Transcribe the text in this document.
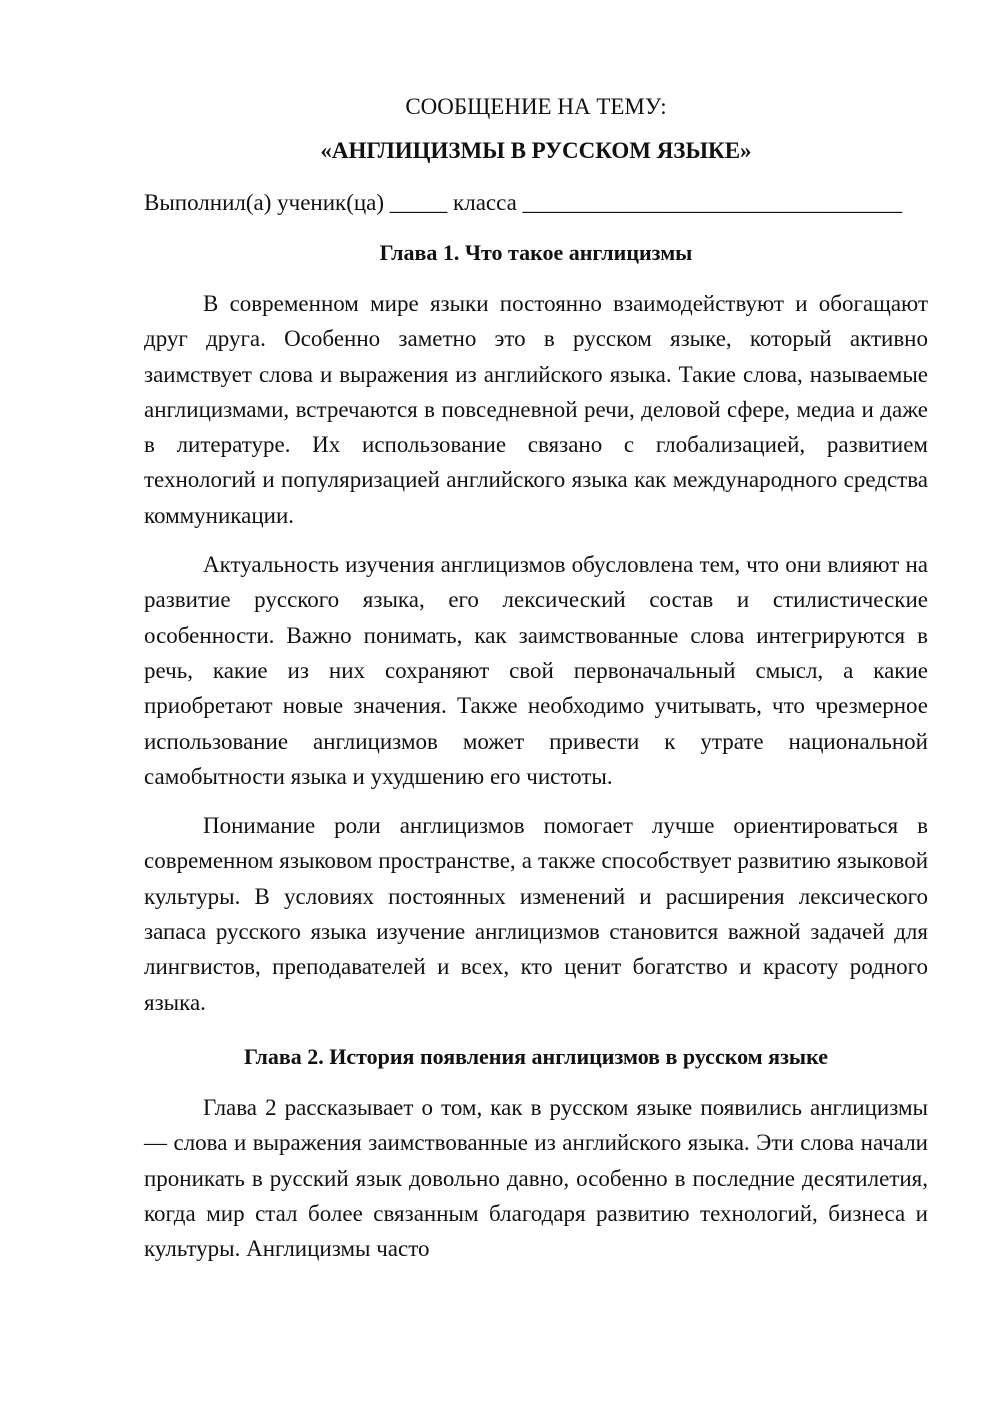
СООБЩЕНИЕ НА ТЕМУ:

«АНГЛИЦИЗМЫ В РУССКОМ ЯЗЫКЕ»

Выполнил(а) ученик(ца) _____ класса _________________________________

Глава 1. Что такое англицизмы

В современном мире языки постоянно взаимодействуют и обогащают друг друга. Особенно заметно это в русском языке, который активно заимствует слова и выражения из английского языка. Такие слова, называемые англицизмами, встречаются в повседневной речи, деловой сфере, медиа и даже в литературе. Их использование связано с глобализацией, развитием технологий и популяризацией английского языка как международного средства коммуникации.

Актуальность изучения англицизмов обусловлена тем, что они влияют на развитие русского языка, его лексический состав и стилистические особенности. Важно понимать, как заимствованные слова интегрируются в речь, какие из них сохраняют свой первоначальный смысл, а какие приобретают новые значения. Также необходимо учитывать, что чрезмерное использование англицизмов может привести к утрате национальной самобытности языка и ухудшению его чистоты.

Понимание роли англицизмов помогает лучше ориентироваться в современном языковом пространстве, а также способствует развитию языковой культуры. В условиях постоянных изменений и расширения лексического запаса русского языка изучение англицизмов становится важной задачей для лингвистов, преподавателей и всех, кто ценит богатство и красоту родного языка.

Глава 2. История появления англицизмов в русском языке

Глава 2 рассказывает о том, как в русском языке появились англицизмы — слова и выражения заимствованные из английского языка. Эти слова начали проникать в русский язык довольно давно, особенно в последние десятилетия, когда мир стал более связанным благодаря развитию технологий, бизнеса и культуры. Англицизмы часто
